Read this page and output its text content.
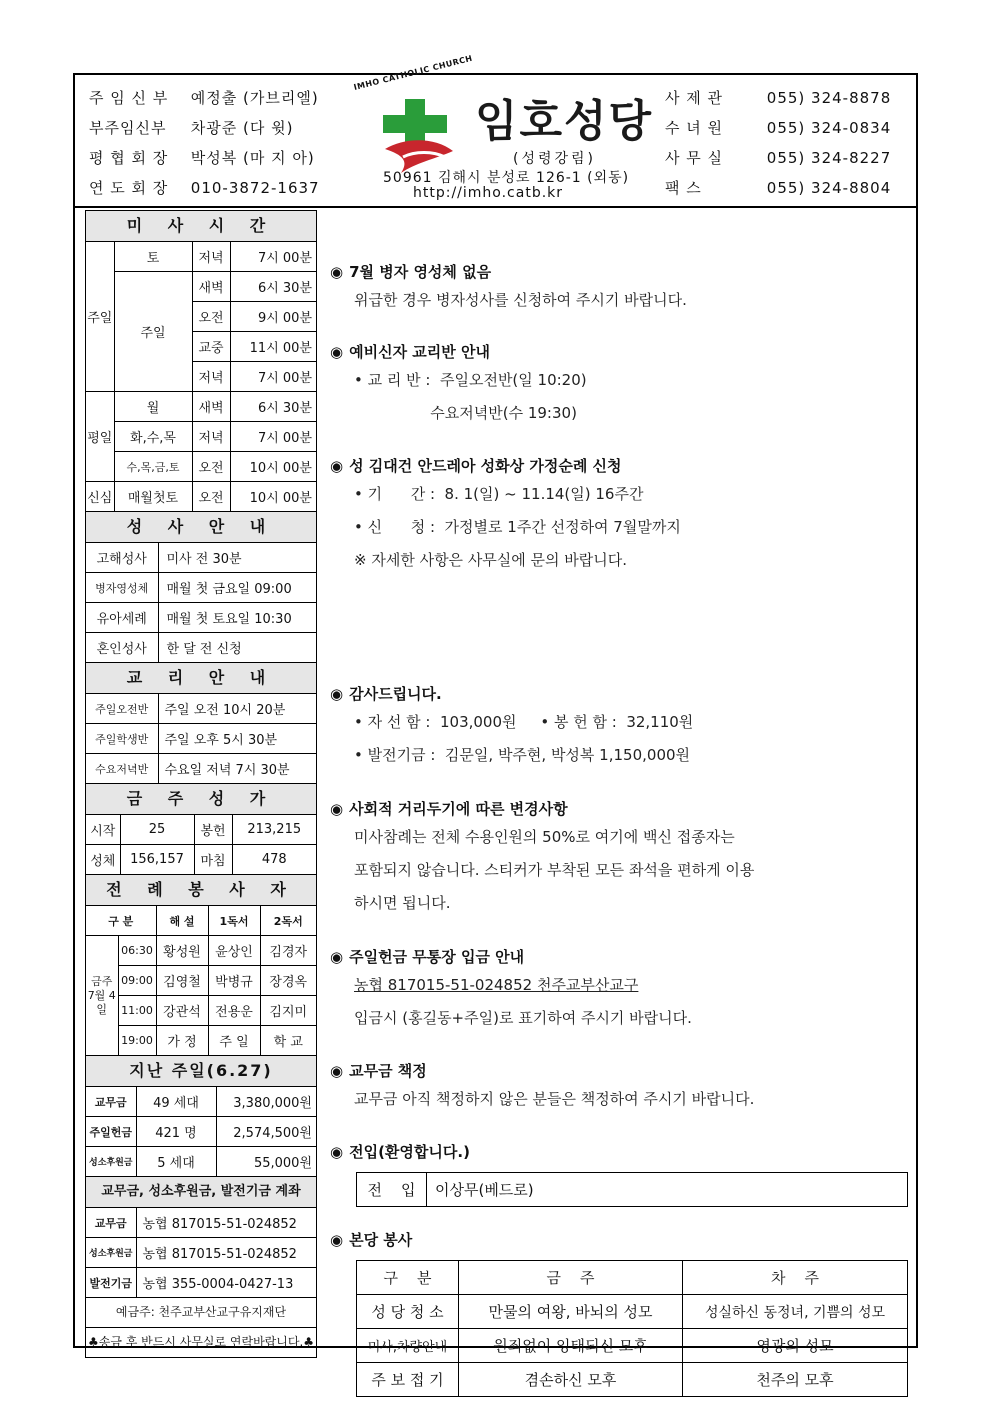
주 임 신 부 예정출 (가브리엘)
부주임신부 차광준 (다 윗)
평 협 회 장 박성복 (마 지 아)
연 도 회 장 010-3872-1637
IMHO CATHOLIC CHURCH
임호성당
(성령강림)
50961 김해시 분성로 126-1 (외동)
http://imho.catb.kr
사 제 관	055) 324-8878
수 녀 원	055) 324-0834
사 무 실	055) 324-8227
팩 스	055) 324-8804
미 사 시 간
주일	토	저녁	7시 00분
	주일	새벽	6시 30분
		오전	9시 00분
		교중	11시 00분
		저녁	7시 00분
평일	월	새벽	6시 30분
	화,수,목	저녁	7시 00분
	수,목,금,토	오전	10시 00분
신심	매월첫토	오전	10시 00분
성 사 안 내
고해성사	미사 전 30분
병자영성체	매월 첫 금요일 09:00
유아세례	매월 첫 토요일 10:30
혼인성사	한 달 전 신청
교 리 안 내
주일오전반	주일 오전 10시 20분
주일학생반	주일 오후 5시 30분
수요저녁반	수요일 저녁 7시 30분
금 주 성 가
시작	25	봉헌	213,215
성체	156,157	마침	478
전 례 봉 사 자
구 분		해 설	1독서	2독서
금주 7월 4일	06:30	황성원	윤상인	김경자
	09:00	김영철	박병규	장경옥
	11:00	강관석	전용운	김지미
	19:00	가 정	주 일	학 교
지난 주일(6.27)
교무금	49 세대	3,380,000원
주일헌금	421 명	2,574,500원
성소후원금	5 세대	55,000원
교무금, 성소후원금, 발전기금 계좌
교무금	농협 817015-51-024852
성소후원금	농협 817015-51-024852
발전기금	농협 355-0004-0427-13
예금주: 천주교부산교구유지재단
♣송금 후 반드시 사무실로 연락바랍니다.♣
◉ 7월 병자 영성체 없음
위급한 경우 병자성사를 신청하여 주시기 바랍니다.
◉ 예비신자 교리반 안내
• 교 리 반 :  주일오전반(일 10:20)
수요저녁반(수 19:30)
◉ 성 김대건 안드레아 성화상 가정순례 신청
• 기      간 :  8. 1(일) ~ 11.14(일) 16주간
• 신      청 :  가정별로 1주간 선정하여 7월말까지
※ 자세한 사항은 사무실에 문의 바랍니다.
◉ 감사드립니다.
• 자 선 함 :  103,000원     • 봉 헌 함 :  32,110원
• 발전기금 :  김문일, 박주현, 박성복 1,150,000원
◉ 사회적 거리두기에 따른 변경사항
미사참례는 전체 수용인원의 50%로 여기에 백신 접종자는
포함되지 않습니다. 스티커가 부착된 모든 좌석을 편하게 이용
하시면 됩니다.
◉ 주일헌금 무통장 입금 안내
농협 817015-51-024852 천주교부산교구
입금시 (홍길동+주일)로 표기하여 주시기 바랍니다.
◉ 교무금 책정
교무금 아직 책정하지 않은 분들은 책정하여 주시기 바랍니다.
◉ 전입(환영합니다.)
전    입	이상무(베드로)
◉ 본당 봉사
구    분	금    주	차    주
성 당 청 소	만물의 여왕, 바뇌의 성모	성실하신 동정녀, 기쁨의 성모
미사,차량안내	원죄없이 잉태되신 모후	영광의 성모
주 보 접 기	겸손하신 모후	천주의 모후
